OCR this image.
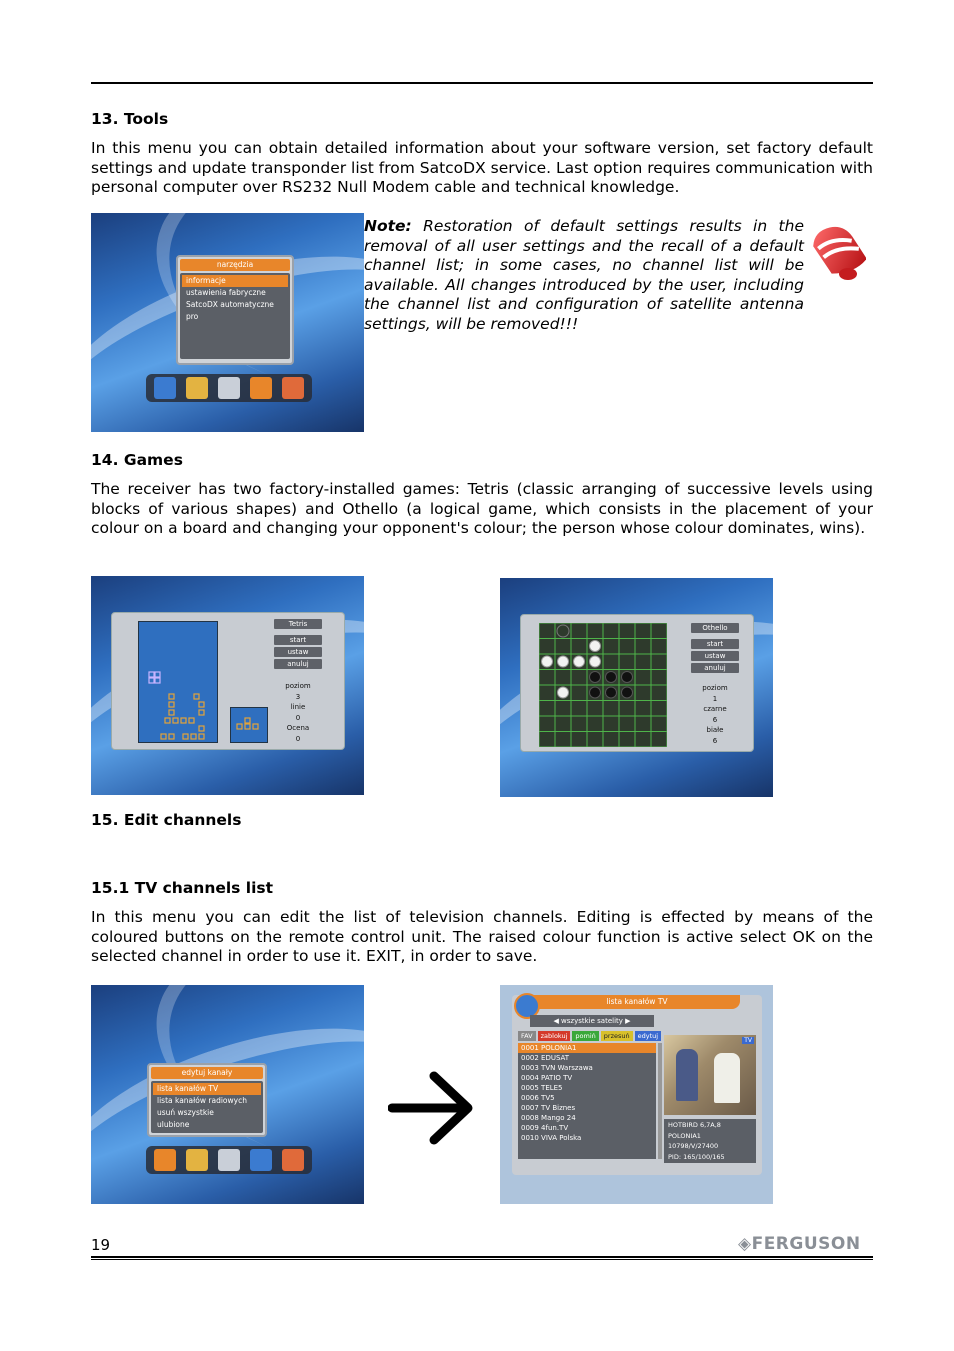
13. Tools

In this menu you can obtain detailed information about your software version, set factory default settings and update transponder list from SatcoDX service. Last option requires communication with personal computer over RS232 Null Modem cable and technical knowledge.

narzędzia
informacje
ustawienia fabryczne
SatcoDX automatyczne pro

Note: Restoration of default settings results in the removal of all user settings and the recall of a default channel list; in some cases, no channel list will be available. All changes introduced by the user, including the channel list and configuration of satellite antenna settings, will be removed!!!

14. Games

The receiver has two factory-installed games: Tetris (classic arranging of successive levels using blocks of various shapes) and Othello (a logical game, which consists in the placement of your colour on a board and changing your opponent's colour; the person whose colour dominates, wins).

Tetris
start
ustaw
anuluj
poziom
3
linie
0
Ocena
0
Othello
start
ustaw
anuluj
poziom
1
czarne
6
białe
6
15. Edit channels
15.1 TV channels list

In this menu you can edit the list of television channels. Editing is effected by means of the coloured buttons on the remote control unit. The raised colour function is active select OK on the selected channel in order to use it. EXIT, in order to save.

edytuj kanały
lista kanałów TV
lista kanałów radiowych
usuń wszystkie
ulubione
lista kanałów TV
◀ wszystkie satelity ▶
FAV	zablokuj	pomiń	przesuń	edytuj
0001 POLONIA1
0002 EDUSAT
0003 TVN Warszawa
0004 PATIO TV
0005 TELE5
0006 TV5
0007 TV Biznes
0008 Mango 24
0009 4fun.TV
0010 VIVA Polska
TV
HOTBIRD 6,7A,8
POLONIA1
10798/V/27400
PID: 165/100/165
19	◈FERGUSON
